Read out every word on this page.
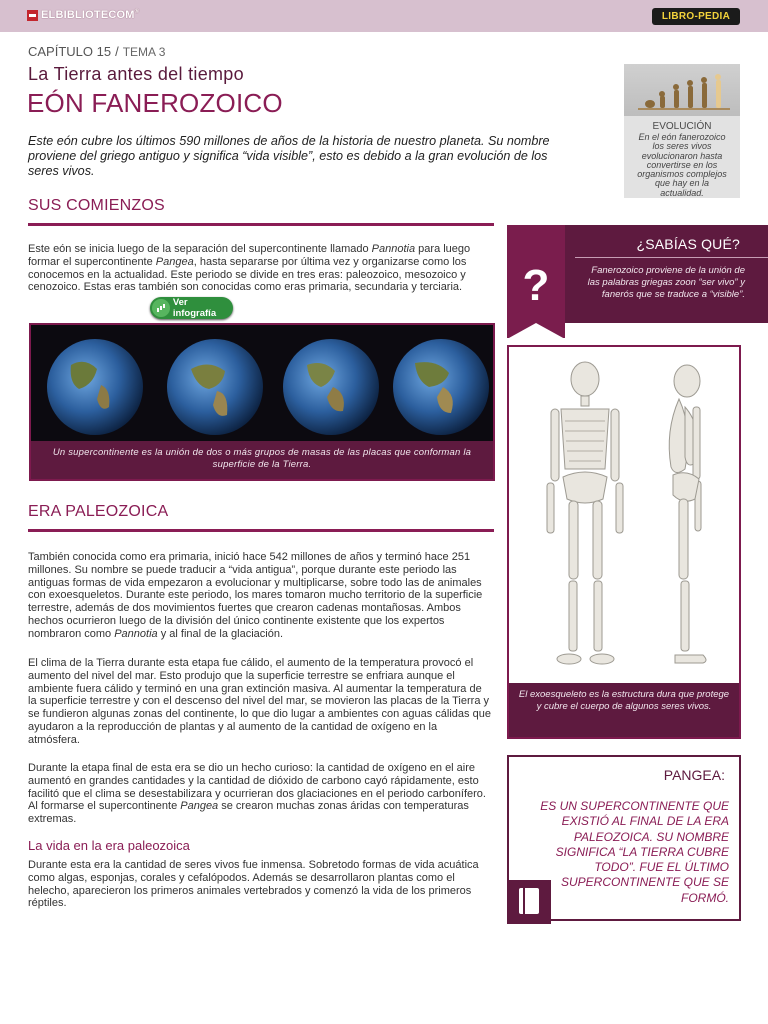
ELBIBLIOTECOM®	LIBRO-PEDIA
CAPÍTULO 15 / TEMA 3
La Tierra antes del tiempo
EÓN FANEROZOICO
Este eón cubre los últimos 590 millones de años de la historia de nuestro planeta. Su nombre proviene del griego antiguo y significa “vida visible”, esto es debido a la gran evolución de los seres vivos.
EVOLUCIÓN
En el eón fanerozoico los seres vivos evolucionaron hasta convertirse en los organismos complejos que hay en la actualidad.
SUS COMIENZOS
Este eón se inicia luego de la separación del supercontinente llamado Pannotia para luego formar el supercontinente Pangea, hasta separarse por última vez y organizarse como los conocemos en la actualidad. Este periodo se divide en tres eras: paleozoico, mesozoico y cenozoico. Estas eras también son conocidas como eras primaria, secundaria y terciaria.
Ver infografía
Un supercontinente es la unión de dos o más grupos de masas de las placas que conforman la superficie de la Tierra.
?
¿SABÍAS QUÉ?
Fanerozoico proviene de la unión de las palabras griegas zoon “ser vivo” y fanerós que se traduce a “visible”.
El exoesqueleto es la estructura dura que protege y cubre el cuerpo de algunos seres vivos.
ERA PALEOZOICA
También conocida como era primaria, inició hace 542 millones de años y terminó hace 251 millones. Su nombre se puede traducir a “vida antigua”, porque durante este periodo las antiguas formas de vida empezaron a evolucionar y multiplicarse, sobre todo las de animales con exoesqueletos. Durante este periodo, los mares tomaron mucho territorio de la superficie terrestre, además de dos movimientos fuertes que crearon cadenas montañosas. Ambos hechos ocurrieron luego de la división del único continente existente que los expertos nombraron como Pannotia y al final de la glaciación.
El clima de la Tierra durante esta etapa fue cálido, el aumento de la temperatura provocó el aumento del nivel del mar. Esto produjo que la superficie terrestre se enfriara aunque el ambiente fuera cálido y terminó en una gran extinción masiva. Al aumentar la temperatura de la superficie terrestre y con el descenso del nivel del mar, se movieron las placas de la Tierra y se fundieron algunas zonas del continente, lo que dio lugar a ambientes con aguas cálidas que ayudaron a la reproducción de plantas y al aumento de la cantidad de oxígeno en la atmósfera.
Durante la etapa final de esta era se dio un hecho curioso: la cantidad de oxígeno en el aire aumentó en grandes cantidades y la cantidad de dióxido de carbono cayó rápidamente, esto facilitó que el clima se desestabilizara y ocurrieran dos glaciaciones en el periodo carbonífero. Al formarse el supercontinente Pangea se crearon muchas zonas áridas con temperaturas extremas.
La vida en la era paleozoica
Durante esta era la cantidad de seres vivos fue inmensa. Sobretodo formas de vida acuática como algas, esponjas, corales y cefalópodos. Además se desarrollaron plantas como el helecho, aparecieron los primeros animales vertebrados y comenzó la vida de los primeros réptiles.
PANGEA:
ES UN SUPERCONTINENTE QUE EXISTIÓ AL FINAL DE LA ERA PALEOZOICA. SU NOMBRE SIGNIFICA “LA TIERRA CUBRE TODO”. FUE EL ÚLTIMO SUPERCONTINENTE QUE SE FORMÓ.
